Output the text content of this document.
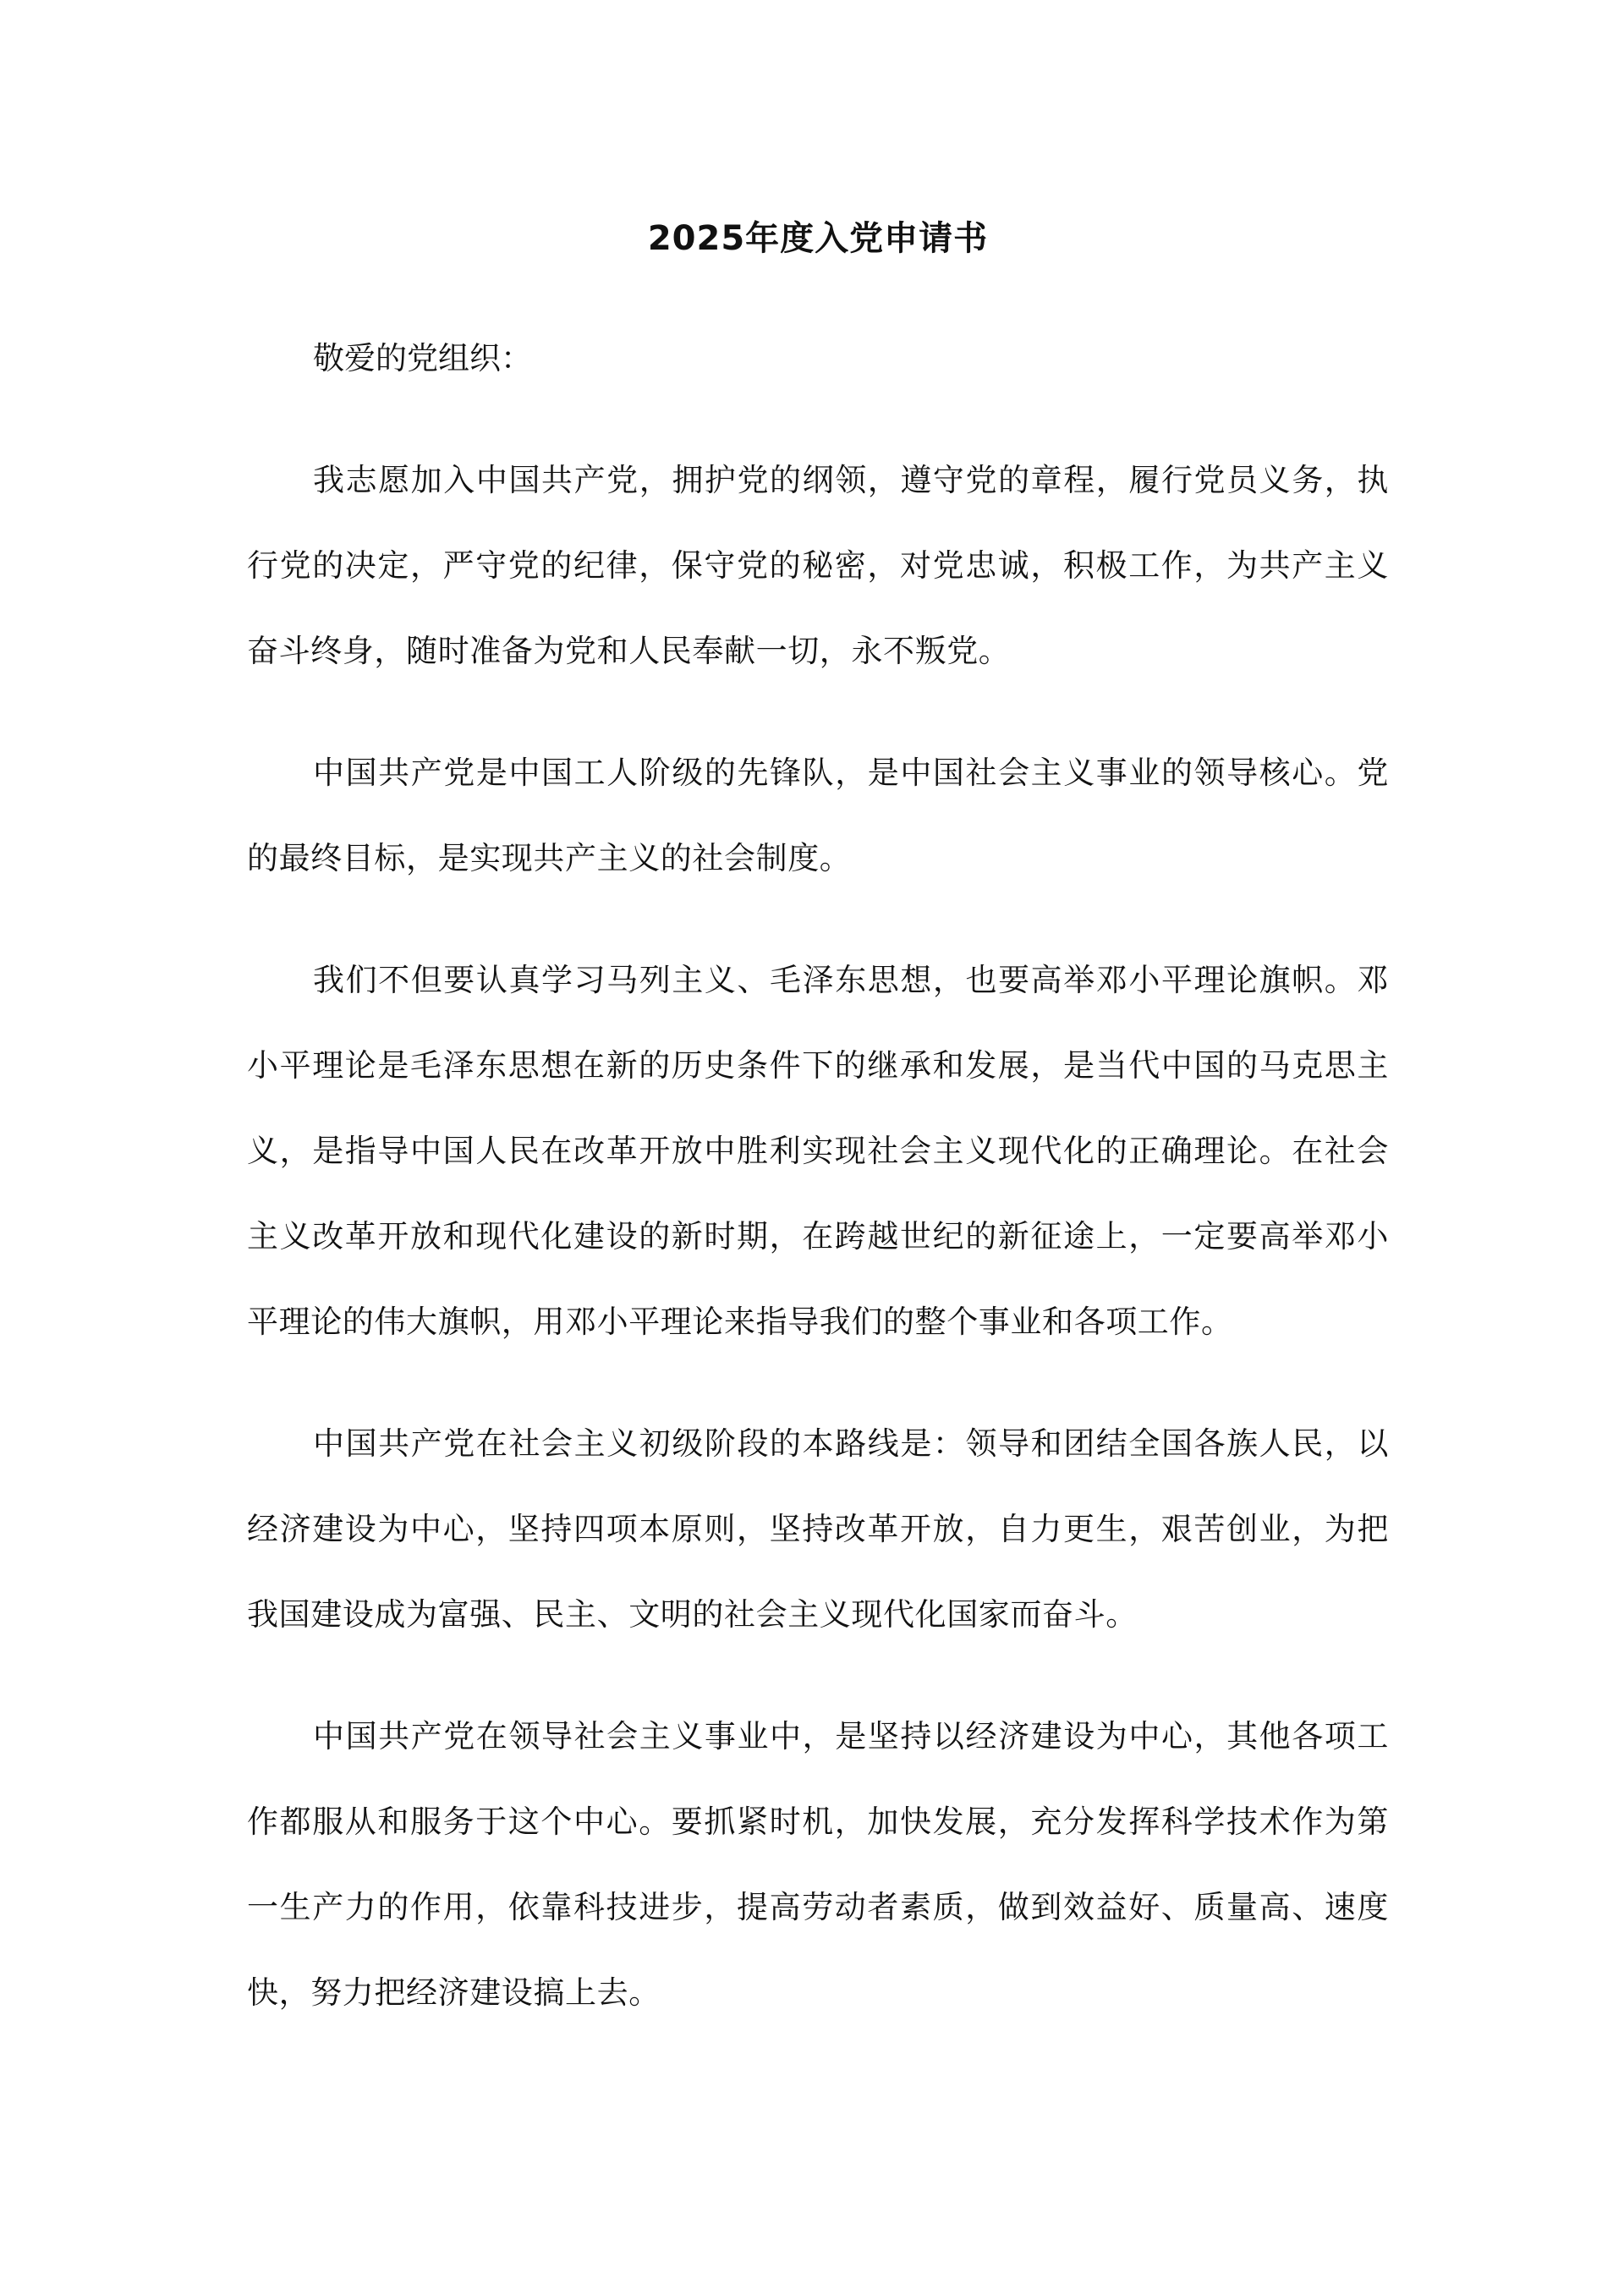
2025年度入党申请书
敬爱的党组织：

我志愿加入中国共产党，拥护党的纲领，遵守党的章程，履行党员义务，执行党的决定，严守党的纪律，保守党的秘密，对党忠诚，积极工作，为共产主义奋斗终身，随时准备为党和人民奉献一切，永不叛党。

中国共产党是中国工人阶级的先锋队，是中国社会主义事业的领导核心。党的最终目标，是实现共产主义的社会制度。

我们不但要认真学习马列主义、毛泽东思想，也要高举邓小平理论旗帜。邓小平理论是毛泽东思想在新的历史条件下的继承和发展，是当代中国的马克思主义，是指导中国人民在改革开放中胜利实现社会主义现代化的正确理论。在社会主义改革开放和现代化建设的新时期，在跨越世纪的新征途上，一定要高举邓小平理论的伟大旗帜，用邓小平理论来指导我们的整个事业和各项工作。

中国共产党在社会主义初级阶段的本路线是：领导和团结全国各族人民，以经济建设为中心，坚持四项本原则，坚持改革开放，自力更生，艰苦创业，为把我国建设成为富强、民主、文明的社会主义现代化国家而奋斗。

中国共产党在领导社会主义事业中，是坚持以经济建设为中心，其他各项工作都服从和服务于这个中心。要抓紧时机，加快发展，充分发挥科学技术作为第一生产力的作用，依靠科技进步，提高劳动者素质，做到效益好、质量高、速度快，努力把经济建设搞上去。
